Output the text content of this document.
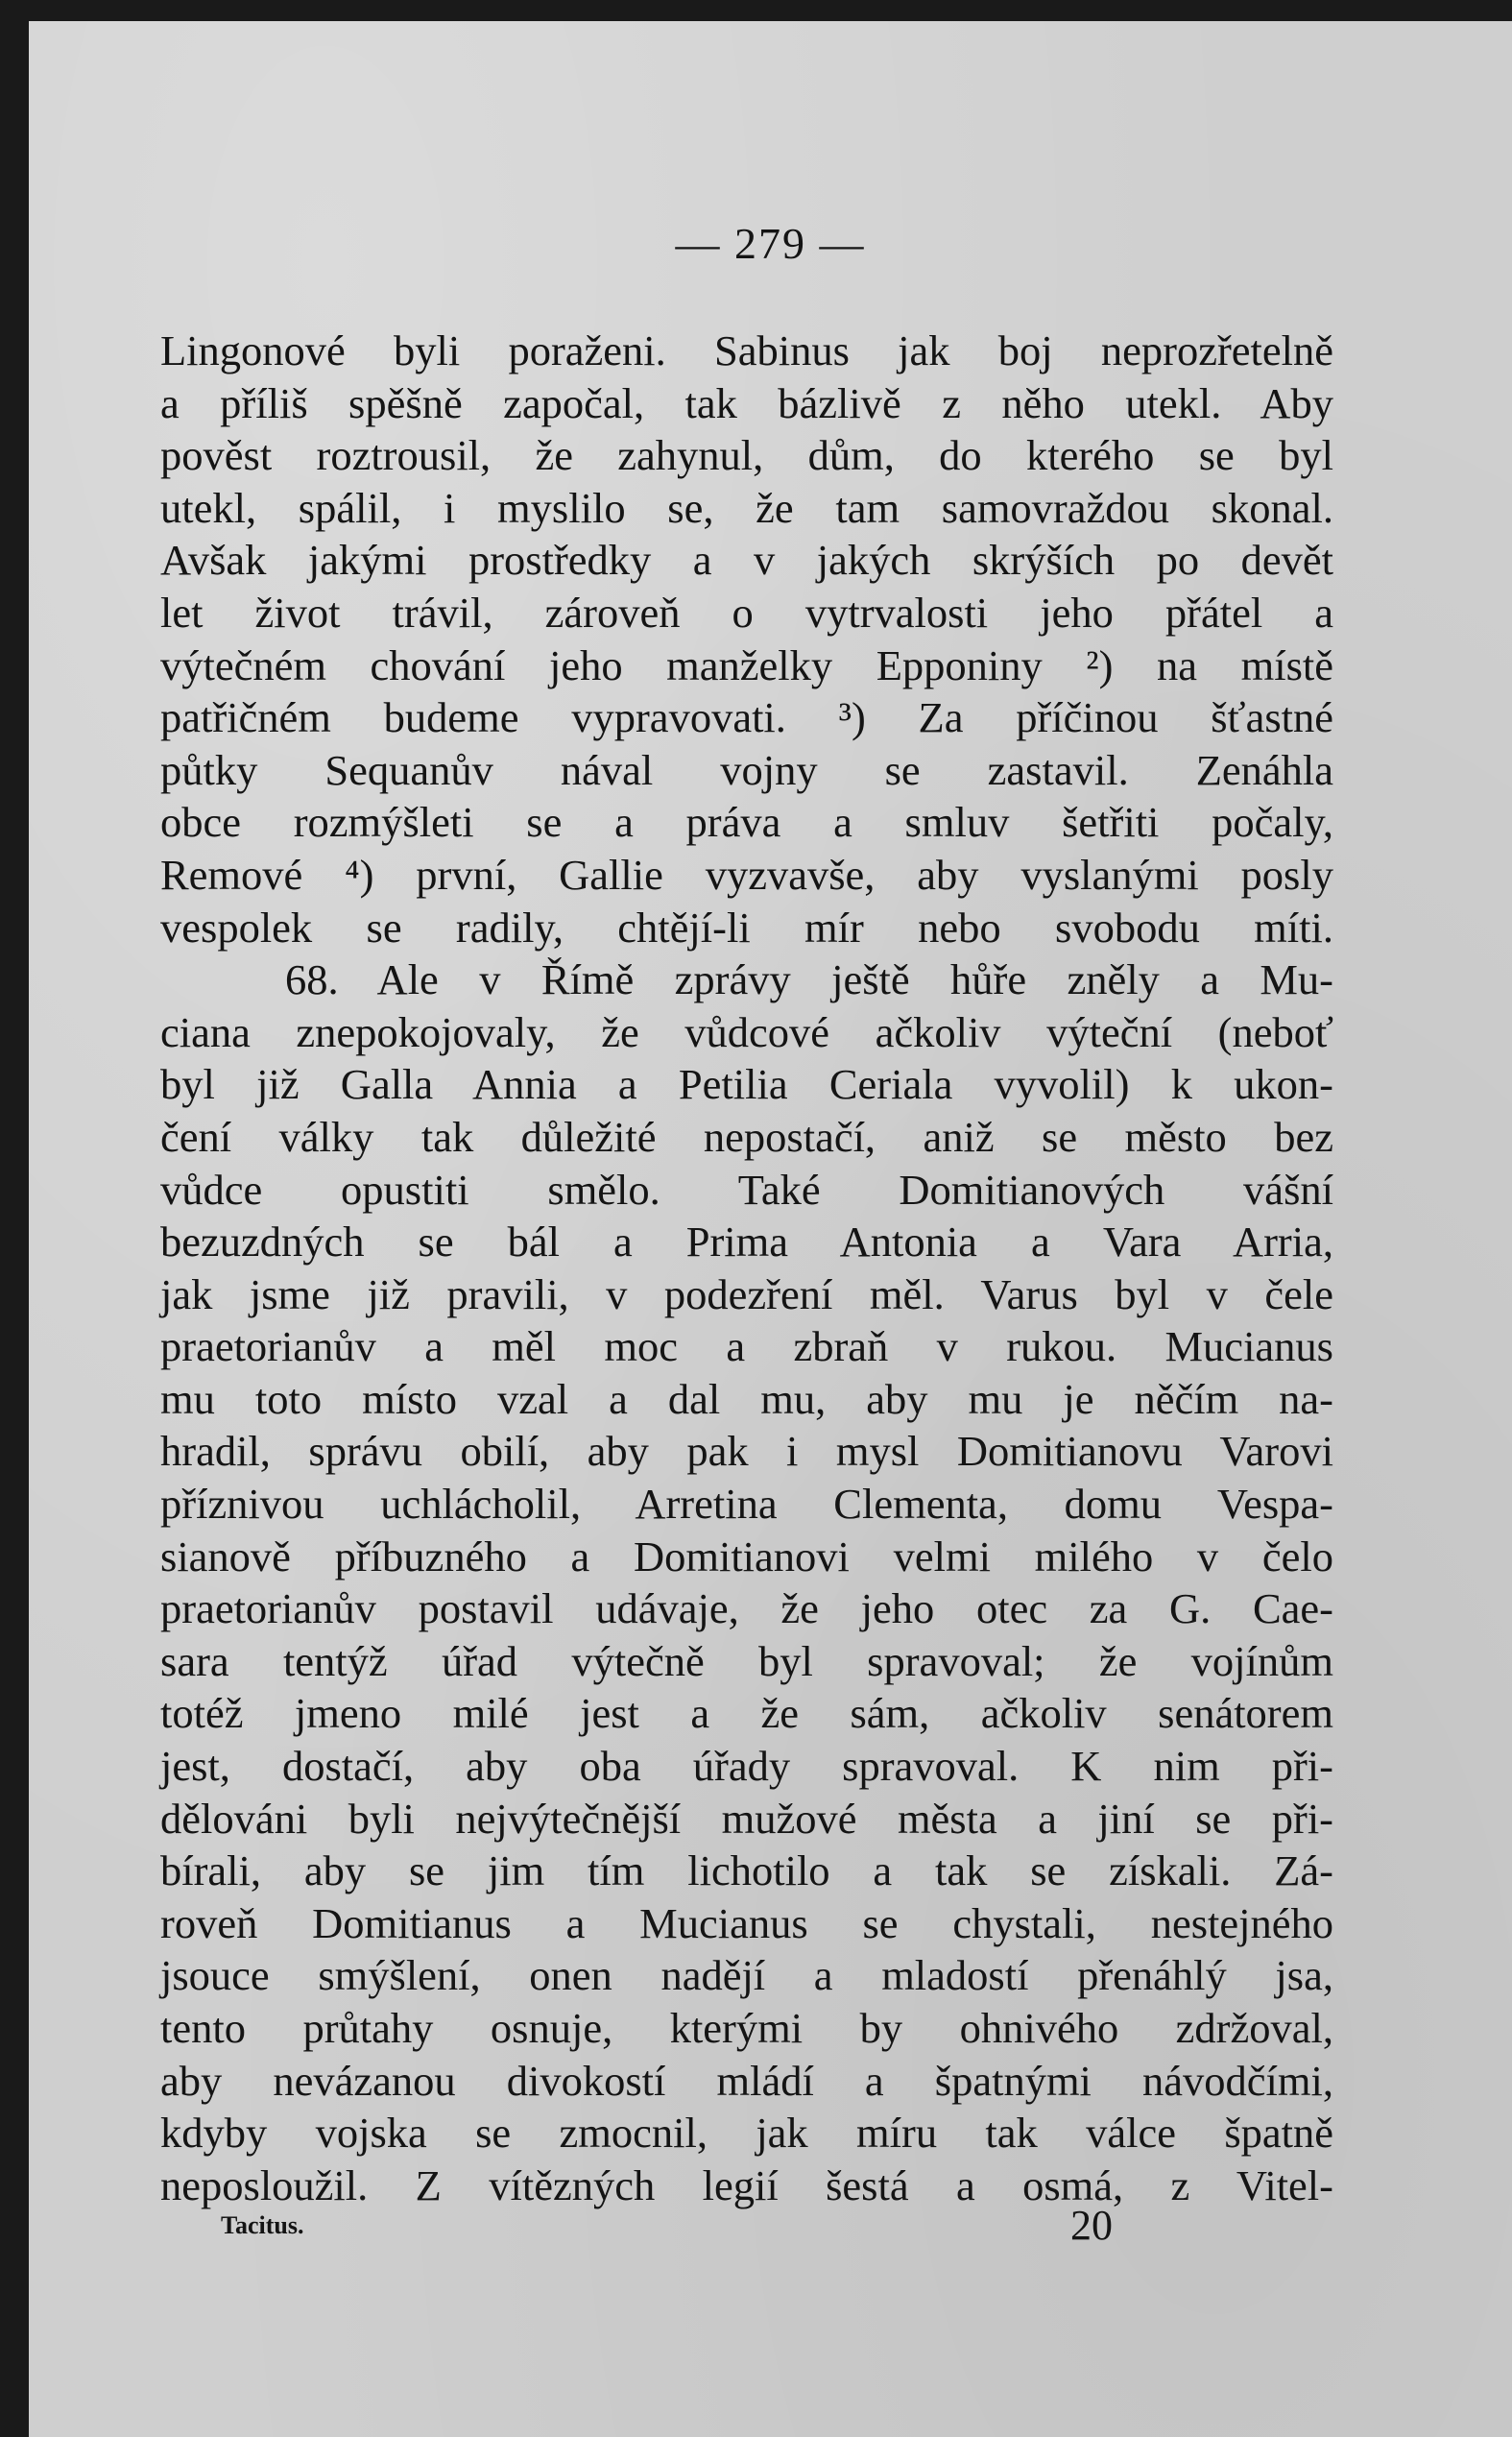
— 279 —
Lingonové byli poraženi. Sabinus jak boj neprozřetelně
a příliš spěšně započal, tak bázlivě z něho utekl. Aby
pověst roztrousil, že zahynul, dům, do kterého se byl
utekl, spálil, i myslilo se, že tam samovraždou skonal.
Avšak jakými prostředky a v jakých skrýších po devět
let život trávil, zároveň o vytrvalosti jeho přátel a
výtečném chování jeho manželky Epponiny ²) na místě
patřičném budeme vypravovati. ³) Za příčinou šťastné
půtky Sequanův nával vojny se zastavil. Zenáhla
obce rozmýšleti se a práva a smluv šetřiti počaly,
Remové ⁴) první, Gallie vyzvavše, aby vyslanými posly
vespolek se radily, chtějí-li mír nebo svobodu míti.
68. Ale v Římě zprávy ještě hůře zněly a Mu-
ciana znepokojovaly, že vůdcové ačkoliv výteční (neboť
byl již Galla Annia a Petilia Ceriala vyvolil) k ukon-
čení války tak důležité nepostačí, aniž se město bez
vůdce opustiti smělo. Také Domitianových vášní
bezuzdných se bál a Prima Antonia a Vara Arria,
jak jsme již pravili, v podezření měl. Varus byl v čele
praetorianův a měl moc a zbraň v rukou. Mucianus
mu toto místo vzal a dal mu, aby mu je něčím na-
hradil, správu obilí, aby pak i mysl Domitianovu Varovi
příznivou uchlácholil, Arretina Clementa, domu Vespa-
sianově příbuzného a Domitianovi velmi milého v čelo
praetorianův postavil udávaje, že jeho otec za G. Cae-
sara tentýž úřad výtečně byl spravoval; že vojínům
totéž jmeno milé jest a že sám, ačkoliv senátorem
jest, dostačí, aby oba úřady spravoval. K nim při-
dělováni byli nejvýtečnější mužové města a jiní se při-
bírali, aby se jim tím lichotilo a tak se získali. Zá-
roveň Domitianus a Mucianus se chystali, nestejného
jsouce smýšlení, onen nadějí a mladostí přenáhlý jsa,
tento průtahy osnuje, kterými by ohnivého zdržoval,
aby nevázanou divokostí mládí a špatnými návodčími,
kdyby vojska se zmocnil, jak míru tak válce špatně
neposloužil. Z vítězných legií šestá a osmá, z Vitel-
Tacitus.	20
